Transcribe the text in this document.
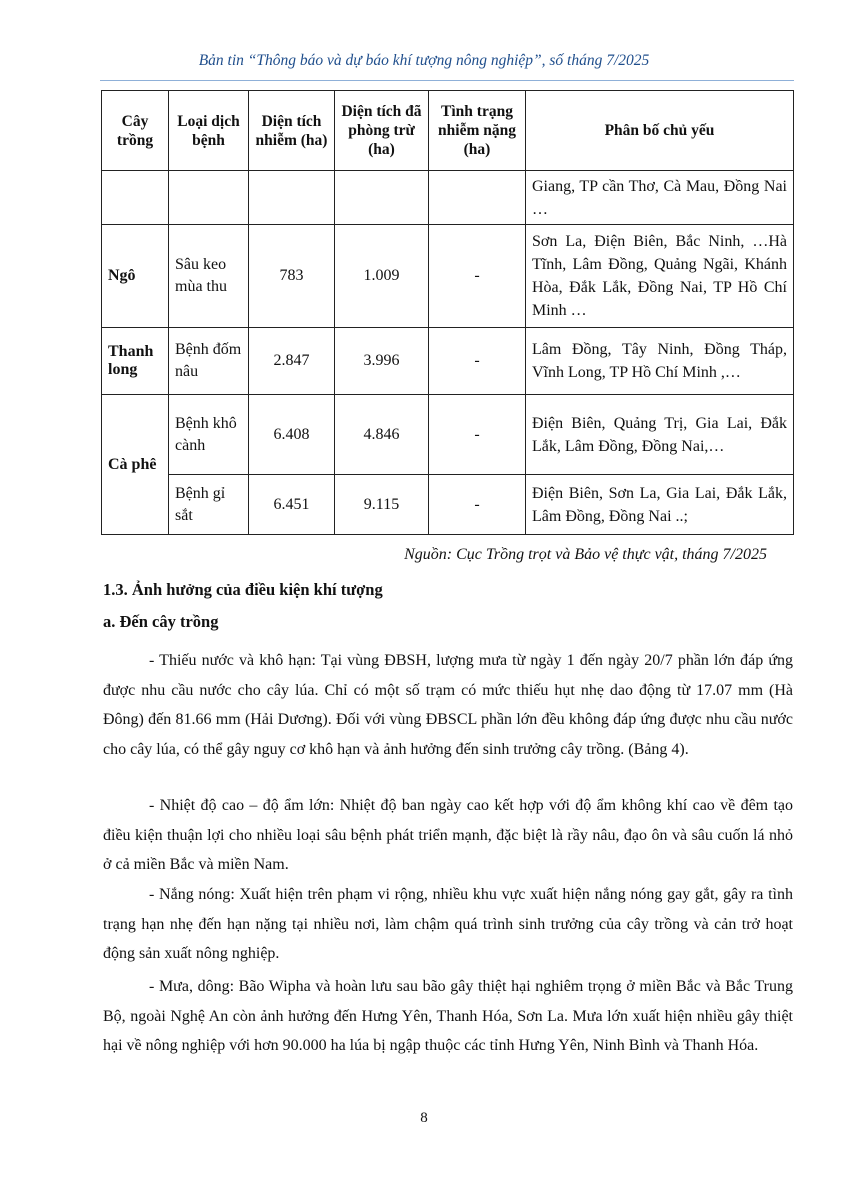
Bản tin “Thông báo và dự báo khí tượng nông nghiệp”, số tháng 7/2025
Cây trồng	Loại dịch bệnh	Diện tích nhiễm (ha)	Diện tích đã phòng trừ (ha)	Tình trạng nhiễm nặng (ha)	Phân bố chủ yếu
					Giang, TP cần Thơ, Cà Mau, Đồng Nai …
Ngô	Sâu keo mùa thu	783	1.009	-	Sơn La, Điện Biên, Bắc Ninh, …Hà Tĩnh, Lâm Đồng, Quảng Ngãi, Khánh Hòa, Đắk Lắk, Đồng Nai, TP Hồ Chí Minh …
Thanh long	Bệnh đốm nâu	2.847	3.996	-	Lâm Đồng, Tây Ninh, Đồng Tháp, Vĩnh Long, TP Hồ Chí Minh ,…
Cà phê	Bệnh khô cành	6.408	4.846	-	Điện Biên, Quảng Trị, Gia Lai, Đắk Lắk, Lâm Đồng, Đồng Nai,…
	Bệnh gỉ sắt	6.451	9.115	-	Điện Biên, Sơn La, Gia Lai, Đắk Lắk, Lâm Đồng, Đồng Nai ..;
Nguồn: Cục Trồng trọt và Bảo vệ thực vật, tháng 7/2025
1.3. Ảnh hưởng của điều kiện khí tượng
a. Đến cây trồng

- Thiếu nước và khô hạn: Tại vùng ĐBSH, lượng mưa từ ngày 1 đến ngày 20/7 phần lớn đáp ứng được nhu cầu nước cho cây lúa. Chỉ có một số trạm có mức thiếu hụt nhẹ dao động từ 17.07 mm (Hà Đông) đến 81.66 mm (Hải Dương). Đối với vùng ĐBSCL phần lớn đều không đáp ứng được nhu cầu nước cho cây lúa, có thể gây nguy cơ khô hạn và ảnh hưởng đến sinh trưởng cây trồng. (Bảng 4).

- Nhiệt độ cao – độ ẩm lớn: Nhiệt độ ban ngày cao kết hợp với độ ẩm không khí cao về đêm tạo điều kiện thuận lợi cho nhiều loại sâu bệnh phát triển mạnh, đặc biệt là rầy nâu, đạo ôn và sâu cuốn lá nhỏ ở cả miền Bắc và miền Nam.

- Nắng nóng: Xuất hiện trên phạm vi rộng, nhiều khu vực xuất hiện nắng nóng gay gắt, gây ra tình trạng hạn nhẹ đến hạn nặng tại nhiều nơi, làm chậm quá trình sinh trưởng của cây trồng và cản trở hoạt động sản xuất nông nghiệp.

- Mưa, dông: Bão Wipha và hoàn lưu sau bão gây thiệt hại nghiêm trọng ở miền Bắc và Bắc Trung Bộ, ngoài Nghệ An còn ảnh hưởng đến Hưng Yên, Thanh Hóa, Sơn La. Mưa lớn xuất hiện nhiều gây thiệt hại về nông nghiệp với hơn 90.000 ha lúa bị ngập thuộc các tỉnh Hưng Yên, Ninh Bình và Thanh Hóa.

8
